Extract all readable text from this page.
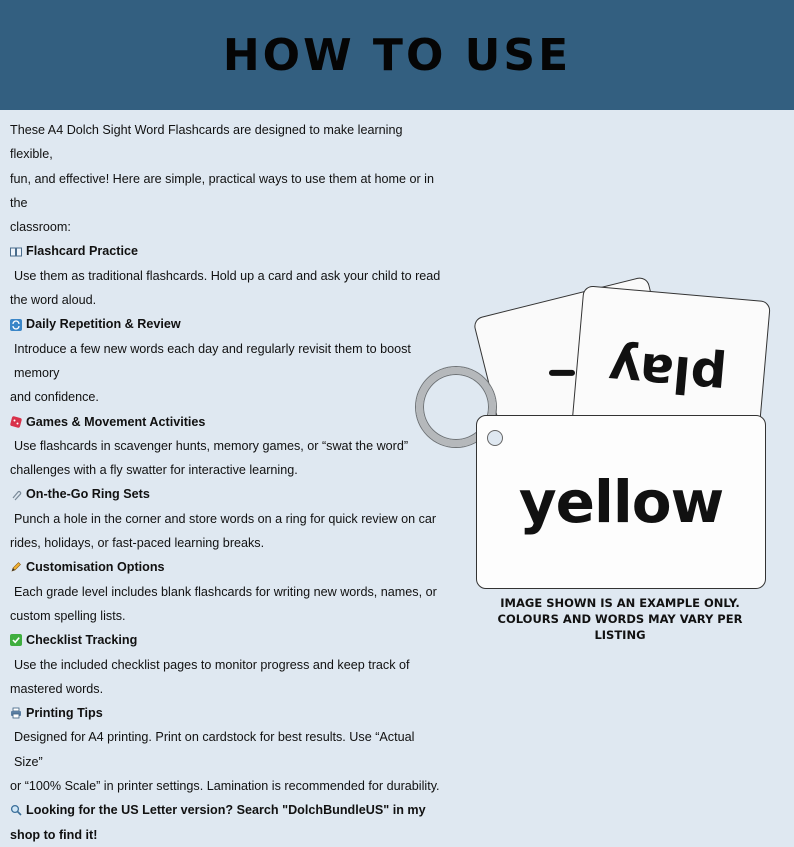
HOW TO USE

These A4 Dolch Sight Word Flashcards are designed to make learning flexible,

fun, and effective! Here are simple, practical ways to use them at home or in the

classroom:

Flashcard Practice

Use them as traditional flashcards. Hold up a card and ask your child to read

the word aloud.

Daily Repetition & Review

Introduce a few new words each day and regularly revisit them to boost memory

and confidence.

Games & Movement Activities

Use flashcards in scavenger hunts, memory games, or “swat the word”

challenges with a fly swatter for interactive learning.

On-the-Go Ring Sets

Punch a hole in the corner and store words on a ring for quick review on car

rides, holidays, or fast-paced learning breaks.

Customisation Options

Each grade level includes blank flashcards for writing new words, names, or

custom spelling lists.

Checklist Tracking

Use the included checklist pages to monitor progress and keep track of

mastered words.

Printing Tips

Designed for A4 printing. Print on cardstock for best results. Use “Actual Size”

or “100% Scale” in printer settings. Lamination is recommended for durability.

Looking for the US Letter version? Search "DolchBundleUS" in my

shop to find it!

play
yellow
IMAGE SHOWN IS AN EXAMPLE ONLY.
COLOURS AND WORDS MAY VARY PER
LISTING
